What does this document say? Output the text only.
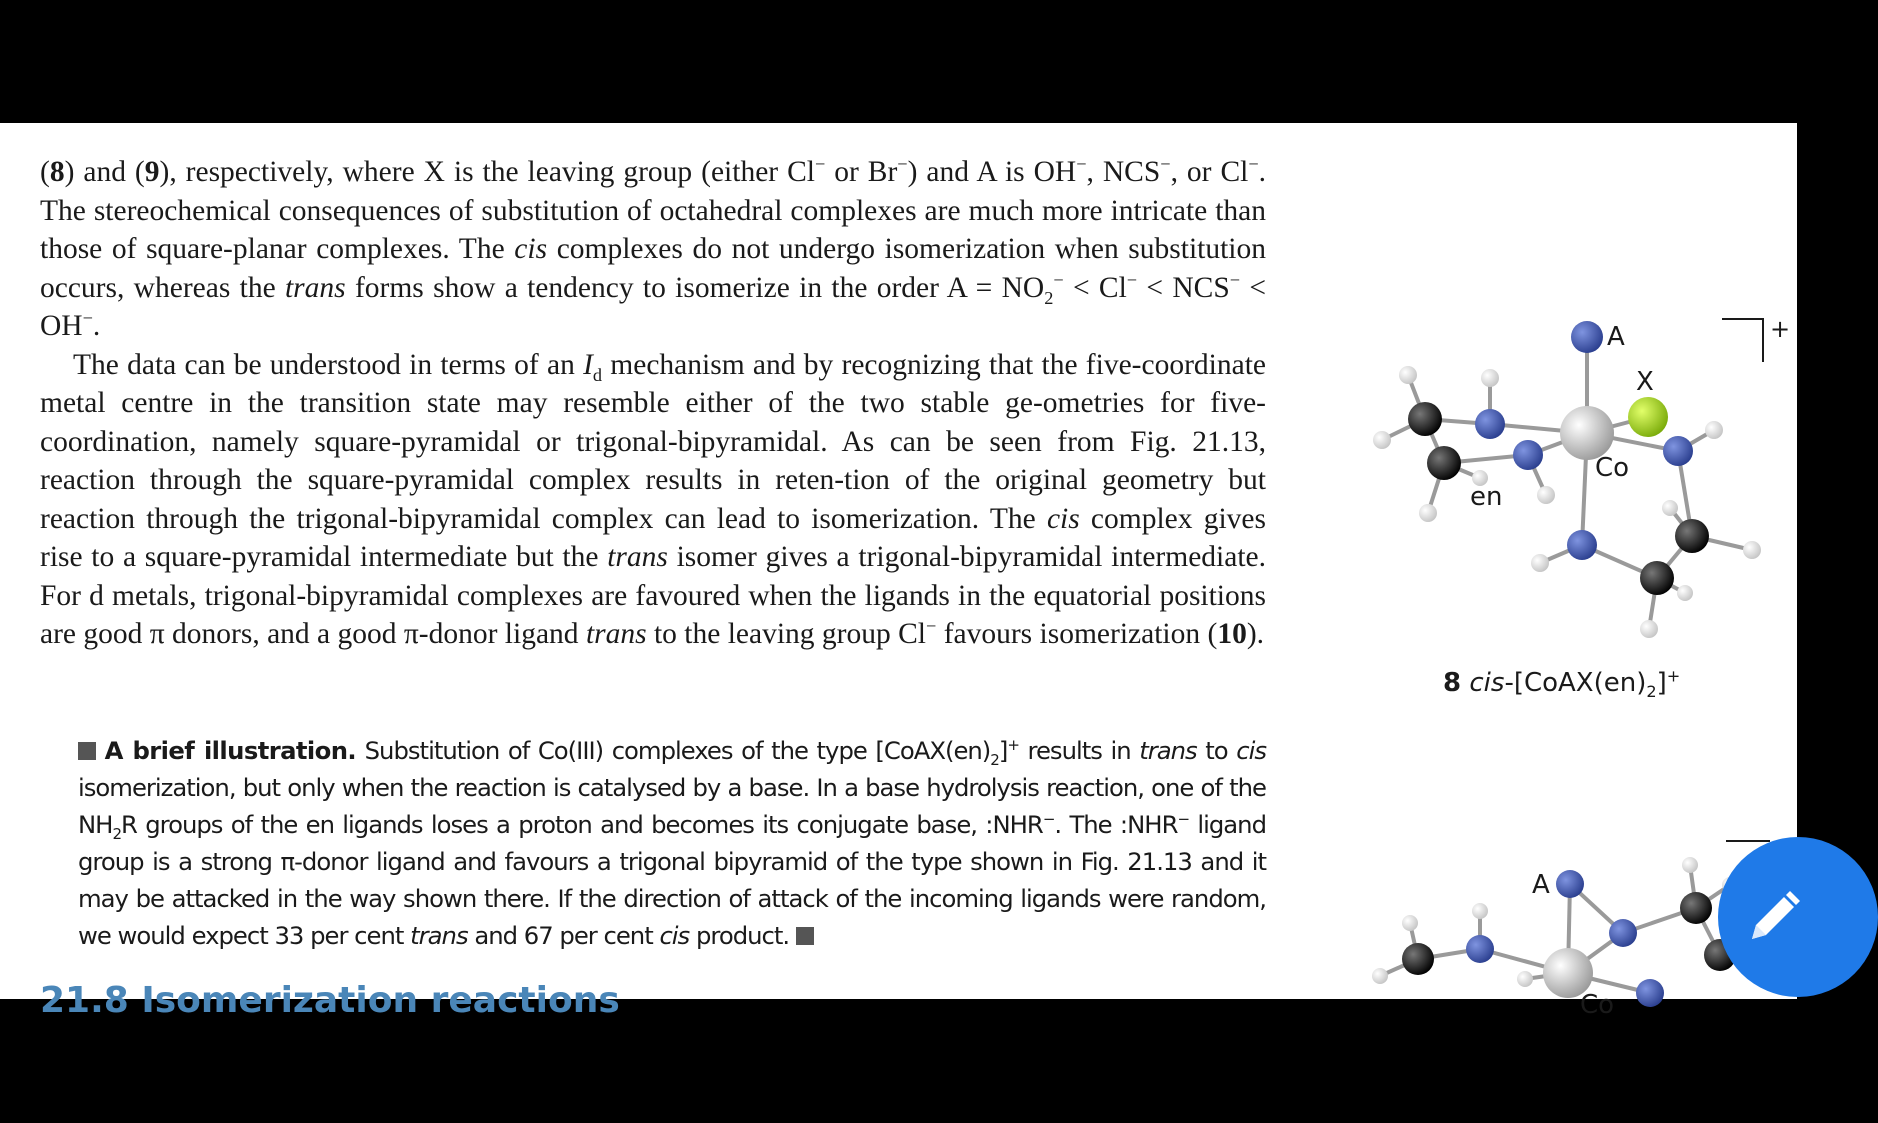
(8) and (9), respectively, where X is the leaving group (either Cl− or Br−) and A is OH−, NCS−, or Cl−. The stereochemical consequences of substitution of octahedral complexes are much more intricate than those of square-planar complexes. The cis complexes do not undergo isomerization when substitution occurs, whereas the trans forms show a tendency to isomerize in the order $A = NO_2^- < Cl^- < NCS^- < OH^-$.

The data can be understood in terms of an $I_d$ mechanism and by recognizing that the five-coordinate metal centre in the transition state may resemble either of the two stable ge-ometries for five-coordination, namely square-pyramidal or trigonal-bipyramidal. As can be seen from Fig. 21.13, reaction through the square-pyramidal complex results in reten-tion of the original geometry but reaction through the trigonal-bipyramidal complex can lead to isomerization. The cis complex gives rise to a square-pyramidal intermediate but the trans isomer gives a trigonal-bipyramidal intermediate. For d metals, trigonal-bipyramidal complexes are favoured when the ligands in the equatorial positions are good π donors, and a good π-donor ligand trans to the leaving group Cl− favours isomerization (10).

A brief illustration. Substitution of Co(III) complexes of the type $[CoAX(en)_2]^+$ results in trans to cis isomerization, but only when the reaction is catalysed by a base. In a base hydrolysis reaction, one of the $NH_2R$ groups of the en ligands loses a proton and becomes its conjugate base, :NHR−. The :NHR− ligand group is a strong π-donor ligand and favours a trigonal bipyramid of the type shown in Fig. 21.13 and it may be attacked in the way shown there. If the direction of attack of the incoming ligands were random, we would expect 33 per cent trans and 67 per cent cis product.

21.8 Isomerization reactions
A
X
Co
en
+
A
Co
8 cis-$[CoAX(en)_2]^+$
